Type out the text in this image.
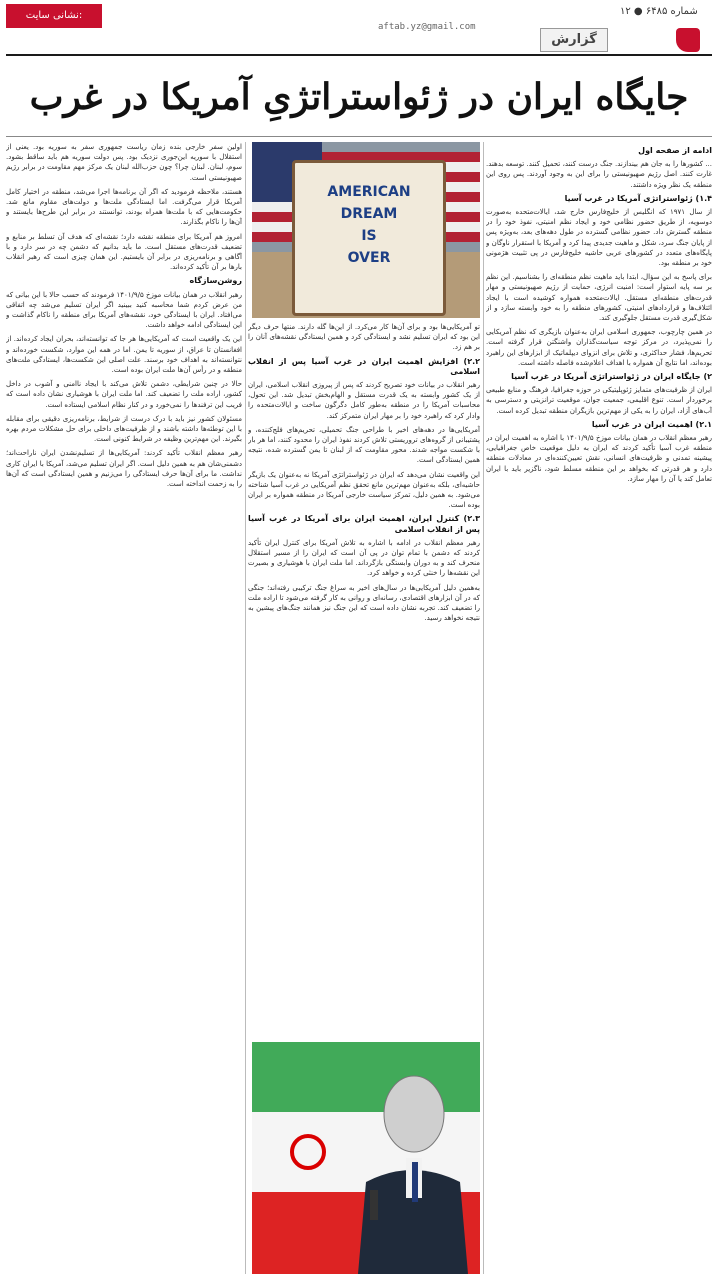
نشانی سایت: aftabeyazd.ir
aftab.yz@gmail.com
گزارش
۱۲ ● شماره ۶۴۸۵
جایگاه ایران در ژئواستراتژیِ آمریکا در غرب
ادامه از صفحه اول

... کشورها را به جان هم بیندازند. جنگ درست کنند، تحمیل کنند. توسعه بدهند. غارت کنند. اصل رژیم صهیونیستی را برای این به وجود آوردند. پس روی این منطقه یک نظر ویژه داشتند.

۱.۴) ژئواستراتژی آمریکا در غرب آسیا

از سال ۱۹۷۱ که انگلیس از خلیج‌فارس خارج شد، ایالات‌متحده به‌صورت دوسویه، از طریق حضور نظامی خود و ایجاد نظم امنیتی، نفوذ خود را در منطقه گسترش داد. حضور نظامی گسترده در طول دهه‌های بعد، به‌ویژه پس از پایان جنگ سرد، شکل و ماهیت جدیدی پیدا کرد و آمریکا با استقرار ناوگان و پایگاه‌های متعدد در کشورهای عربی حاشیه خلیج‌فارس در پی تثبیت هژمونی خود بر منطقه بود.

برای پاسخ به این سؤال، ابتدا باید ماهیت نظم منطقه‌ای را بشناسیم. این نظم بر سه پایه استوار است: امنیت انرژی، حمایت از رژیم صهیونیستی و مهار قدرت‌های منطقه‌ای مستقل. ایالات‌متحده همواره کوشیده است با ایجاد ائتلاف‌ها و قراردادهای امنیتی، کشورهای منطقه را به خود وابسته سازد و از شکل‌گیری قدرت مستقل جلوگیری کند.

در همین چارچوب، جمهوری اسلامی ایران به‌عنوان بازیگری که نظم آمریکایی را نمی‌پذیرد، در مرکز توجه سیاست‌گذاران واشنگتن قرار گرفته است. تحریم‌ها، فشار حداکثری، و تلاش برای انزوای دیپلماتیک از ابزارهای این راهبرد بوده‌اند، اما نتایج آن همواره با اهداف اعلام‌شده فاصله داشته است.

۲) جایگاه ایران در ژئواستراتژی آمریکا در غرب آسیا

ایران از ظرفیت‌های متمایز ژئوپلیتیکی در حوزه جغرافیا، فرهنگ و منابع طبیعی برخوردار است. تنوع اقلیمی، جمعیت جوان، موقعیت ترانزیتی و دسترسی به آب‌های آزاد، ایران را به یکی از مهم‌ترین بازیگران منطقه تبدیل کرده است.

۲.۱) اهمیت ایران در غرب آسیا

رهبر معظم انقلاب در همان بیانات موزخ ۱۴۰۱/۹/۵ با اشاره به اهمیت ایران در منطقه غرب آسیا تأکید کردند که ایران به دلیل موقعیت خاص جغرافیایی، پیشینه تمدنی و ظرفیت‌های انسانی، نقش تعیین‌کننده‌ای در معادلات منطقه دارد و هر قدرتی که بخواهد بر این منطقه مسلط شود، ناگزیر باید با ایران تعامل کند یا آن را مهار سازد.

AMERICAN
DREAM
IS
OVER

تو آمریکایی‌ها بود و برای آن‌ها کار می‌کرد. از این‌ها گله دارند. منتها حرف دیگر این بود که ایران تسلیم نشد و ایستادگی کرد و همین ایستادگی نقشه‌های آنان را بر هم زد.

۲.۲) افزایش اهمیت ایران در غرب آسیا پس از انقلاب اسلامی

رهبر انقلاب در بیانات خود تصریح کردند که پس از پیروزی انقلاب اسلامی، ایران از یک کشور وابسته به یک قدرت مستقل و الهام‌بخش تبدیل شد. این تحول، محاسبات آمریکا را در منطقه به‌طور کامل دگرگون ساخت و ایالات‌متحده را وادار کرد که راهبرد خود را بر مهار ایران متمرکز کند.

آمریکایی‌ها در دهه‌های اخیر با طراحی جنگ تحمیلی، تحریم‌های فلج‌کننده، و پشتیبانی از گروه‌های تروریستی تلاش کردند نفوذ ایران را محدود کنند، اما هر بار با شکست مواجه شدند. محور مقاومت که از لبنان تا یمن گسترده شده، نتیجه همین ایستادگی است.

این واقعیت نشان می‌دهد که ایران در ژئواستراتژی آمریکا نه به‌عنوان یک بازیگر حاشیه‌ای، بلکه به‌عنوان مهم‌ترین مانع تحقق نظم آمریکایی در غرب آسیا شناخته می‌شود. به همین دلیل، تمرکز سیاست خارجی آمریکا در منطقه همواره بر ایران بوده است.

۲.۳) کنترل ایران، اهمیت ایران برای آمریکا در غرب آسیا پس از انقلاب اسلامی

رهبر معظم انقلاب در ادامه با اشاره به تلاش آمریکا برای کنترل ایران تأکید کردند که دشمن با تمام توان در پی آن است که ایران را از مسیر استقلال منحرف کند و به دوران وابستگی بازگرداند. اما ملت ایران با هوشیاری و بصیرت این نقشه‌ها را خنثی کرده و خواهد کرد.

به‌همین دلیل آمریکایی‌ها در سال‌های اخیر به سراغ جنگ ترکیبی رفته‌اند؛ جنگی که در آن ابزارهای اقتصادی، رسانه‌ای و روانی به کار گرفته می‌شود تا اراده ملت را تضعیف کند. تجربه نشان داده است که این جنگ نیز همانند جنگ‌های پیشین به نتیجه نخواهد رسید.

اولین سفر خارجی بنده زمان ریاست جمهوری سفر به سوریه بود. یعنی از استقلال با سوریه این‌جوری نزدیک بود. پس دولت سوریه هم باید ساقط بشود. سوم، لبنان. لبنان چرا؟ چون حزب‌الله لبنان یک مرکز مهم مقاومت در برابر رژیم صهیونیستی است.

هستند، ملاحظه فرمودید که اگر آن برنامه‌ها اجرا می‌شد، منطقه در اختیار کامل آمریکا قرار می‌گرفت. اما ایستادگی ملت‌ها و دولت‌های مقاوم مانع شد. حکومت‌هایی که با ملت‌ها همراه بودند، توانستند در برابر این طرح‌ها بایستند و آن‌ها را ناکام بگذارند.

امروز هم آمریکا برای منطقه نقشه دارد؛ نقشه‌ای که هدف آن تسلط بر منابع و تضعیف قدرت‌های مستقل است. ما باید بدانیم که دشمن چه در سر دارد و با آگاهی و برنامه‌ریزی در برابر آن بایستیم. این همان چیزی است که رهبر انقلاب بارها بر آن تأکید کرده‌اند.

روشن‌سازگاه

رهبر انقلاب در همان بیانات موزخ ۱۴۰۱/۹/۵ فرمودند که حسب حالا با این بیانی که من عرض کردم شما محاسبه کنید ببینید اگر ایران تسلیم می‌شد چه اتفاقی می‌افتاد. ایران با ایستادگی خود، نقشه‌های آمریکا برای منطقه را ناکام گذاشت و این ایستادگی ادامه خواهد داشت.

این یک واقعیت است که آمریکایی‌ها هر جا که توانسته‌اند، بحران ایجاد کرده‌اند. از افغانستان تا عراق، از سوریه تا یمن. اما در همه این موارد، شکست خورده‌اند و نتوانسته‌اند به اهداف خود برسند. علت اصلی این شکست‌ها، ایستادگی ملت‌های منطقه و در رأس آن‌ها ملت ایران بوده است.

حالا در چنین شرایطی، دشمن تلاش می‌کند با ایجاد ناامنی و آشوب در داخل کشور، اراده ملت را تضعیف کند. اما ملت ایران با هوشیاری نشان داده است که فریب این ترفندها را نمی‌خورد و در کنار نظام اسلامی ایستاده است.

مسئولان کشور نیز باید با درک درست از شرایط، برنامه‌ریزی دقیقی برای مقابله با این توطئه‌ها داشته باشند و از ظرفیت‌های داخلی برای حل مشکلات مردم بهره بگیرند. این مهم‌ترین وظیفه در شرایط کنونی است.

رهبر معظم انقلاب تأکید کردند: آمریکایی‌ها از تسلیم‌نشدن ایران ناراحت‌اند؛ دشمنی‌شان هم به همین دلیل است. اگر ایران تسلیم می‌شد، آمریکا با ایران کاری نداشت. ما برای آن‌ها حرف ایستادگی را می‌زنیم و همین ایستادگی است که آن‌ها را به زحمت انداخته است.
